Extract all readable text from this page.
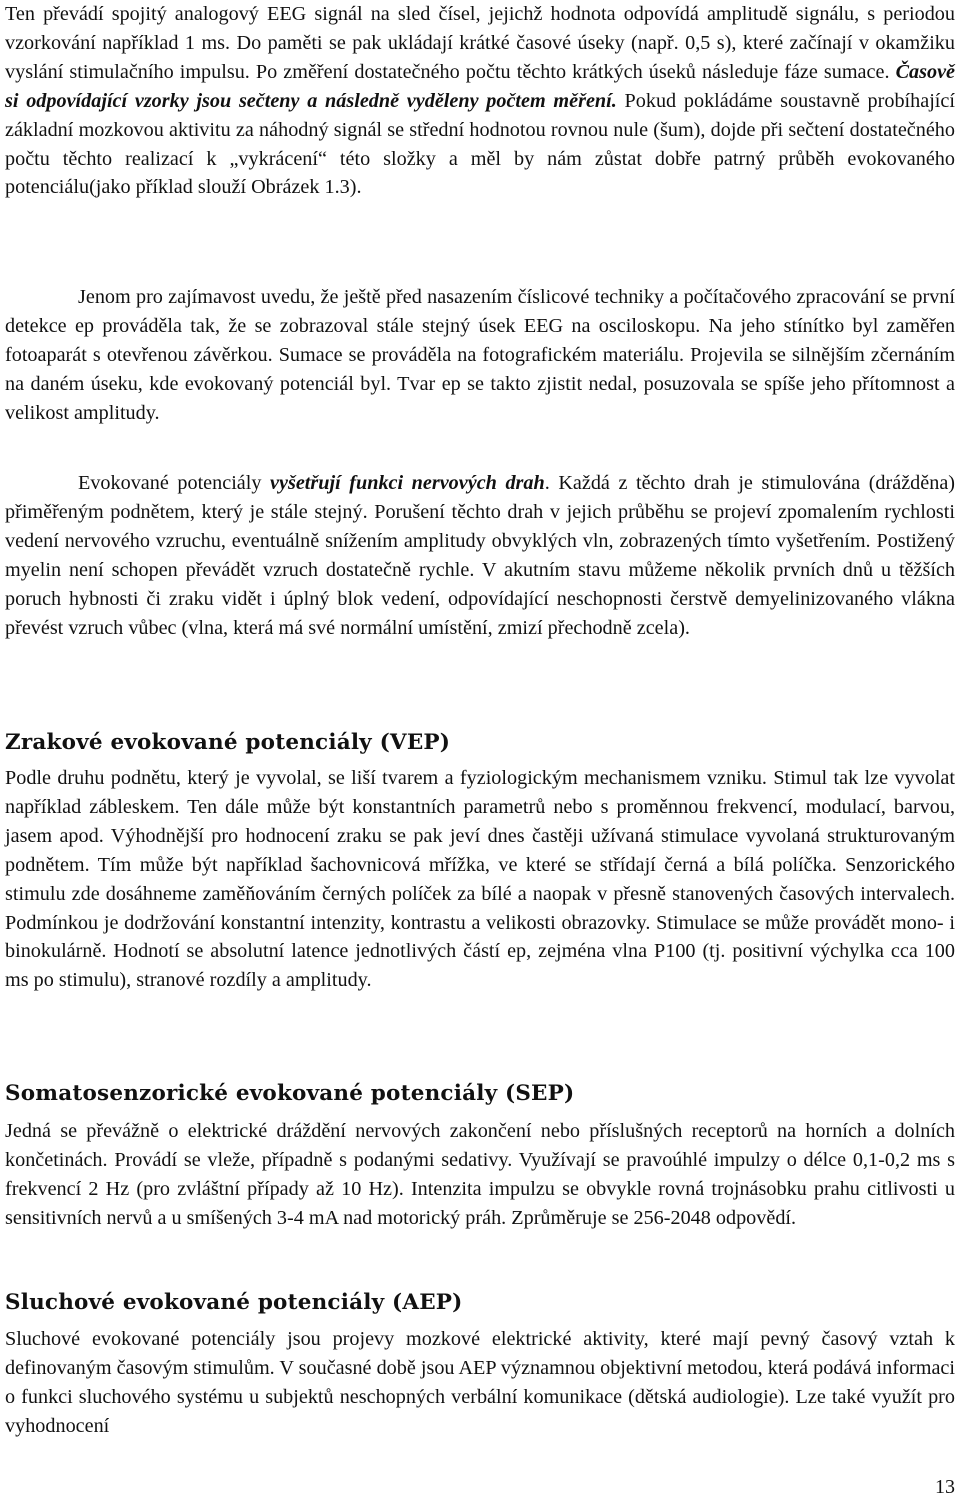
Ten převádí spojitý analogový EEG signál na sled čísel, jejichž hodnota odpovídá amplitudě signálu, s periodou vzorkování například 1 ms. Do paměti se pak ukládají krátké časové úseky (např. 0,5 s), které začínají v okamžiku vyslání stimulačního impulsu. Po změření dostatečného počtu těchto krátkých úseků následuje fáze sumace. Časově si odpovídající vzorky jsou sečteny a následně vyděleny počtem měření. Pokud pokládáme soustavně probíhající základní mozkovou aktivitu za náhodný signál se střední hodnotou rovnou nule (šum), dojde při sečtení dostatečného počtu těchto realizací k „vykrácení“ této složky a měl by nám zůstat dobře patrný průběh evokovaného potenciálu(jako příklad slouží Obrázek 1.3).

Jenom pro zajímavost uvedu, že ještě před nasazením číslicové techniky a počítačového zpracování se první detekce ep prováděla tak, že se zobrazoval stále stejný úsek EEG na osciloskopu. Na jeho stínítko byl zaměřen fotoaparát s otevřenou závěrkou. Sumace se prováděla na fotografickém materiálu. Projevila se silnějším zčernáním na daném úseku, kde evokovaný potenciál byl. Tvar ep se takto zjistit nedal, posuzovala se spíše jeho přítomnost a velikost amplitudy.

Evokované potenciály vyšetřují funkci nervových drah. Každá z těchto drah je stimulována (drážděna) přiměřeným podnětem, který je stále stejný. Porušení těchto drah v jejich průběhu se projeví zpomalením rychlosti vedení nervového vzruchu, eventuálně snížením amplitudy obvyklých vln, zobrazených tímto vyšetřením. Postižený myelin není schopen převádět vzruch dostatečně rychle. V akutním stavu můžeme několik prvních dnů u těžších poruch hybnosti či zraku vidět i úplný blok vedení, odpovídající neschopnosti čerstvě demyelinizovaného vlákna převést vzruch vůbec (vlna, která má své normální umístění, zmizí přechodně zcela).

Zrakové evokované potenciály (VEP)

Podle druhu podnětu, který je vyvolal, se liší tvarem a fyziologickým mechanismem vzniku. Stimul tak lze vyvolat například zábleskem. Ten dále může být konstantních parametrů nebo s proměnnou frekvencí, modulací, barvou, jasem apod. Výhodnější pro hodnocení zraku se pak jeví dnes častěji užívaná stimulace vyvolaná strukturovaným podnětem. Tím může být například šachovnicová mřížka, ve které se střídají černá a bílá políčka. Senzorického stimulu zde dosáhneme zaměňováním černých políček za bílé a naopak v přesně stanovených časových intervalech. Podmínkou je dodržování konstantní intenzity, kontrastu a velikosti obrazovky. Stimulace se může provádět mono- i binokulárně. Hodnotí se absolutní latence jednotlivých částí ep, zejména vlna P100 (tj. positivní výchylka cca 100 ms po stimulu), stranové rozdíly a amplitudy.

Somatosenzorické evokované potenciály (SEP)

Jedná se převážně o elektrické dráždění nervových zakončení nebo příslušných receptorů na horních a dolních končetinách. Provádí se vleže, případně s podanými sedativy. Využívají se pravoúhlé impulzy o délce 0,1-0,2 ms s frekvencí 2 Hz (pro zvláštní případy až 10 Hz). Intenzita impulzu se obvykle rovná trojnásobku prahu citlivosti u sensitivních nervů a u smíšených 3-4 mA nad motorický práh. Zprůměruje se 256-2048 odpovědí.

Sluchové evokované potenciály (AEP)

Sluchové evokované potenciály jsou projevy mozkové elektrické aktivity, které mají pevný časový vztah k definovaným časovým stimulům. V současné době jsou AEP významnou objektivní metodou, která podává informaci o funkci sluchového systému u subjektů neschopných verbální komunikace (dětská audiologie). Lze také využít pro vyhodnocení

13
